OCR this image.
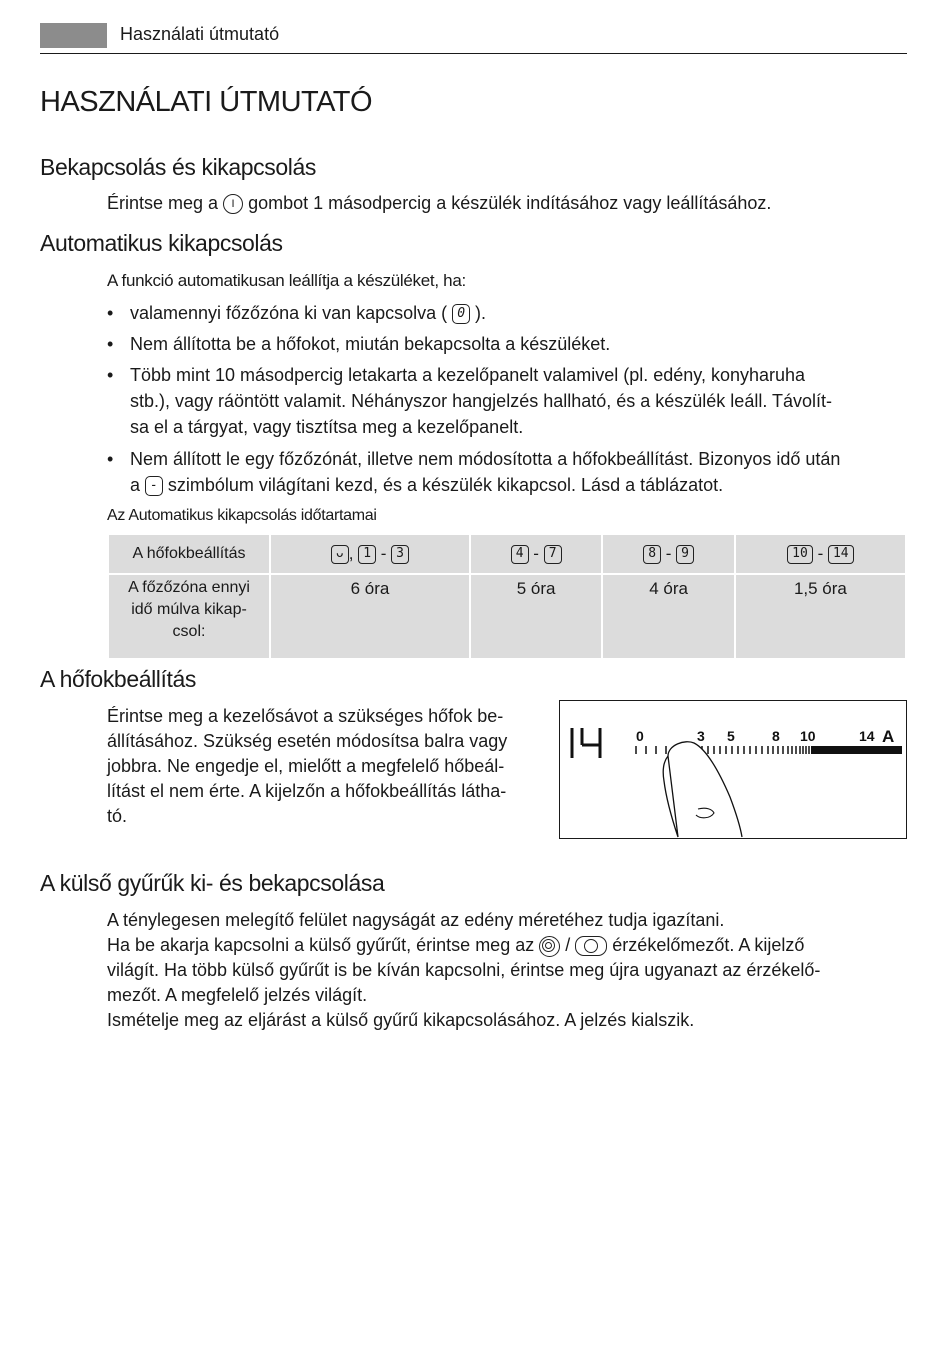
Használati útmutató
HASZNÁLATI ÚTMUTATÓ
Bekapcsolás és kikapcsolás
Érintse meg a I gombot 1 másodpercig a készülék indításához vagy leállításához.
Automatikus kikapcsolás
A funkció automatikusan leállítja a készüléket, ha:
• valamennyi főzőzóna ki van kapcsolva ( 0 ).
• Nem állította be a hőfokot, miután bekapcsolta a készüléket.
• Több mint 10 másodpercig letakarta a kezelőpanelt valamivel (pl. edény, konyharuha
stb.), vagy ráöntött valamit. Néhányszor hangjelzés hallható, és a készülék leáll. Távolít-
sa el a tárgyat, vagy tisztítsa meg a kezelőpanelt.
• Nem állított le egy főzőzónát, illetve nem módosította a hőfokbeállítást. Bizonyos idő után
a - szimbólum világítani kezd, és a készülék kikapcsol. Lásd a táblázatot.
Az Automatikus kikapcsolás időtartamai
A hőfokbeállítás	ᴗ , 1 - 3	4 - 7	8 - 9	10 - 14
A főzőzóna ennyi idő múlva kikap-csol:	6 óra	5 óra	4 óra	1,5 óra
A hőfokbeállítás
Érintse meg a kezelősávot a szükséges hőfok be-
állításához. Szükség esetén módosítsa balra vagy
jobbra. Ne engedje el, mielőtt a megfelelő hőbeál-
lítást el nem érte. A kijelzőn a hőfokbeállítás látha-
tó.
14
0	3 5	8 10	14 A
A külső gyűrűk ki- és bekapcsolása
A ténylegesen melegítő felület nagyságát az edény méretéhez tudja igazítani.
Ha be akarja kapcsolni a külső gyűrűt, érintse meg az / érzékelőmezőt. A kijelző
világít. Ha több külső gyűrűt is be kíván kapcsolni, érintse meg újra ugyanazt az érzékelő-
mezőt. A megfelelő jelzés világít.
Ismételje meg az eljárást a külső gyűrű kikapcsolásához. A jelzés kialszik.
